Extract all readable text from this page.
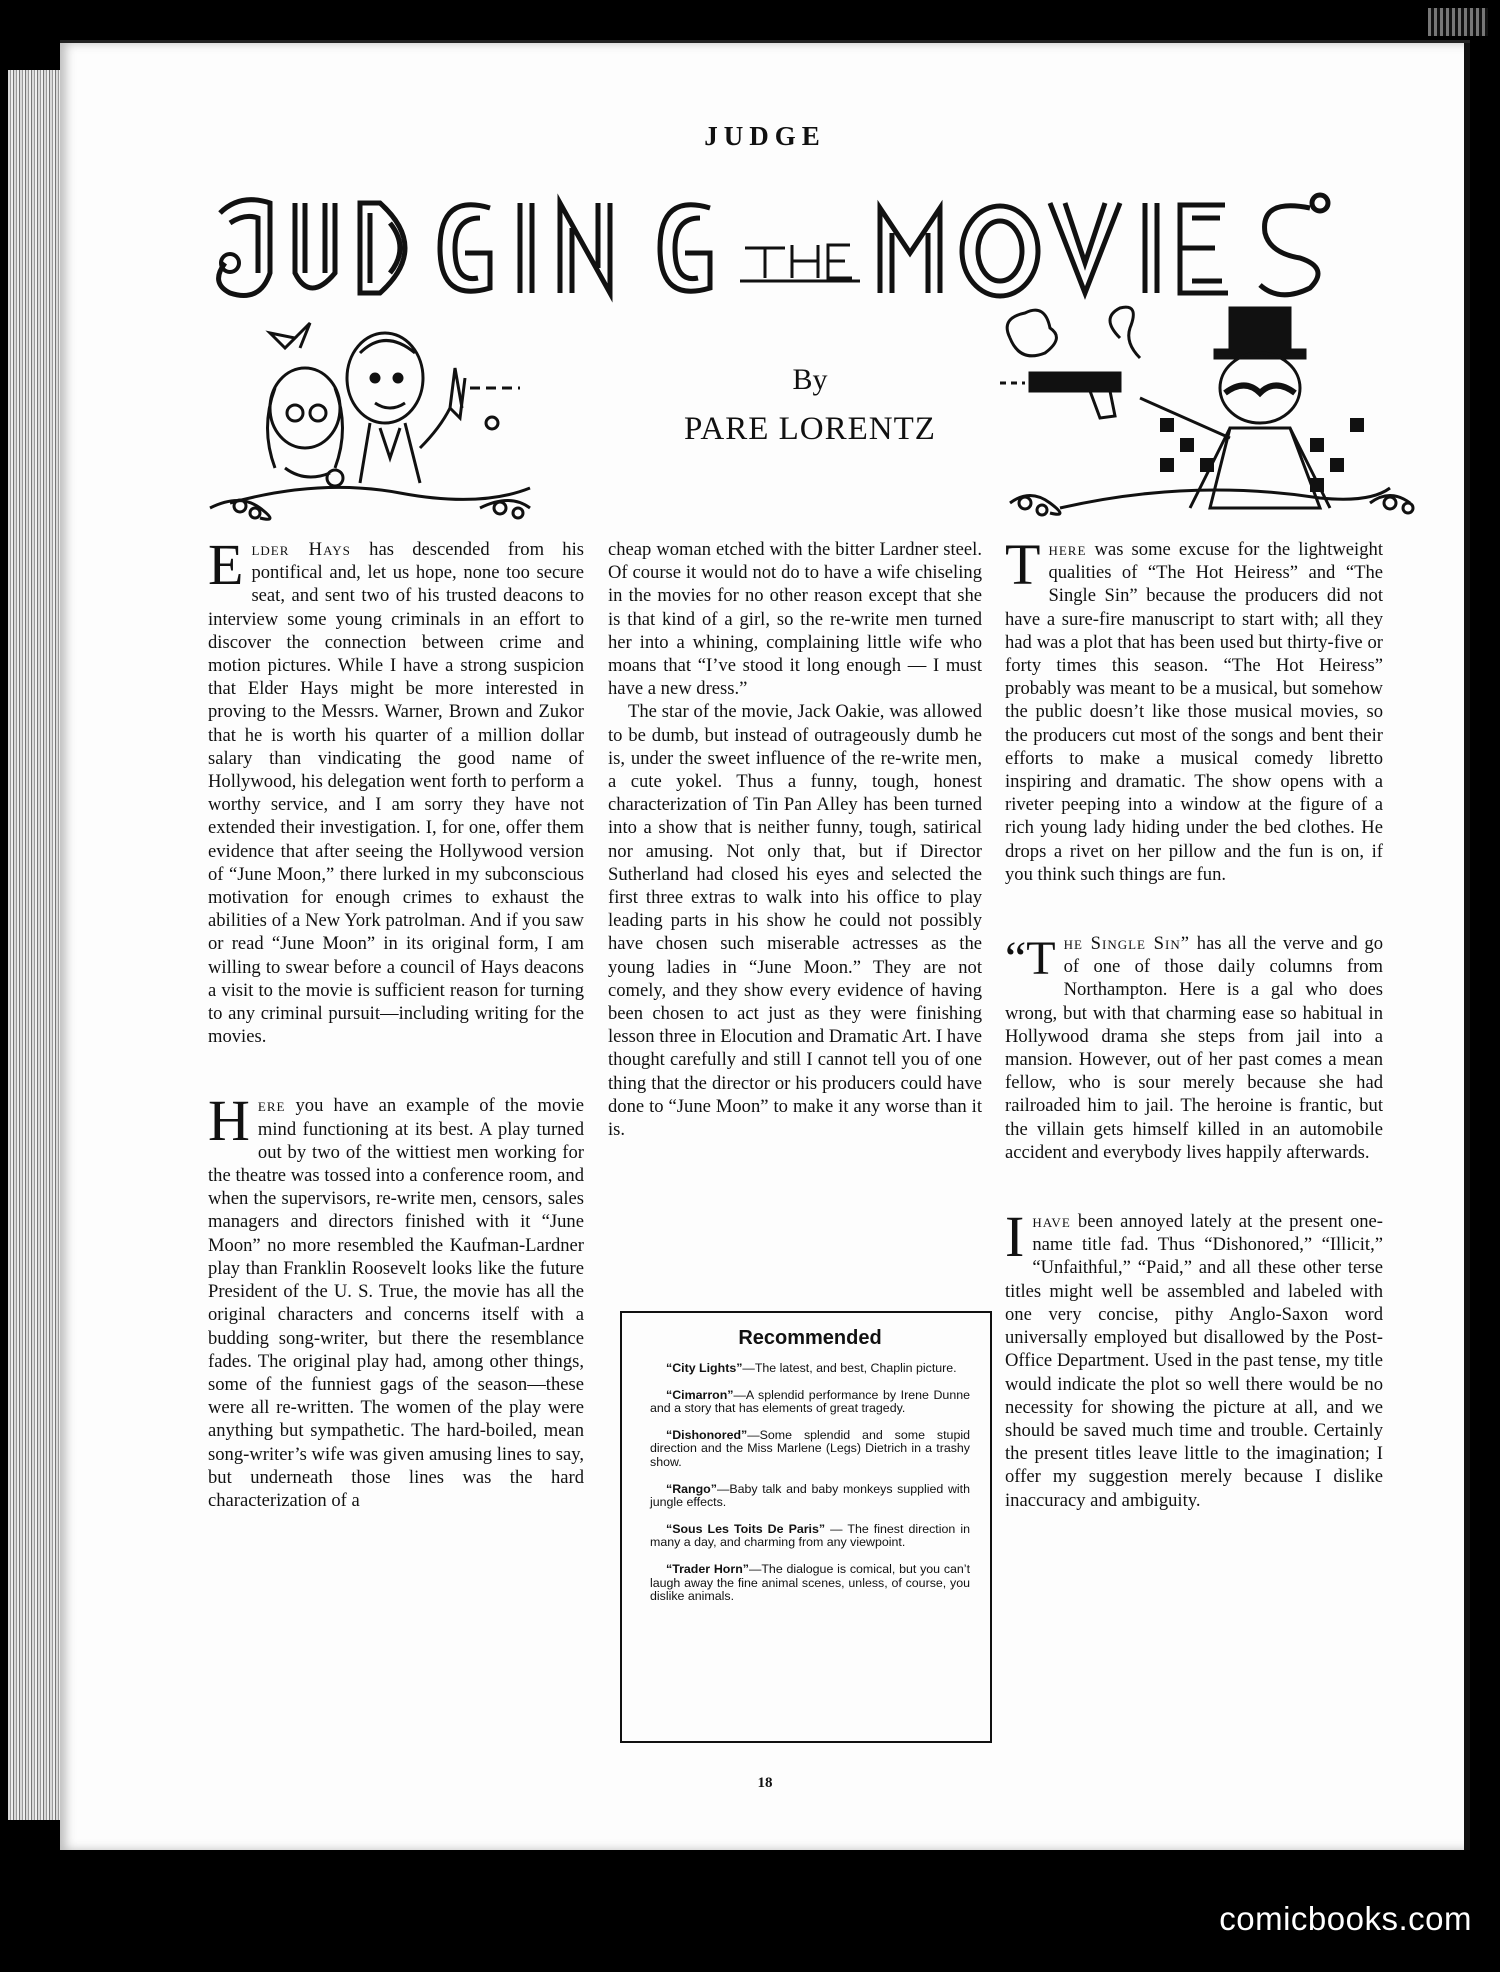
JUDGE
By
PARE LORENTZ

Elder Hays has descended from his pontifical and, let us hope, none too secure seat, and sent two of his trusted deacons to interview some young criminals in an effort to discover the connection between crime and motion pictures. While I have a strong suspicion that Elder Hays might be more interested in proving to the Messrs. Warner, Brown and Zukor that he is worth his quarter of a million dollar salary than vindicating the good name of Hollywood, his delegation went forth to perform a worthy service, and I am sorry they have not extended their investigation. I, for one, offer them evidence that after seeing the Hollywood version of “June Moon,” there lurked in my subconscious motivation for enough crimes to exhaust the abilities of a New York patrolman. And if you saw or read “June Moon” in its original form, I am willing to swear before a council of Hays deacons a visit to the movie is sufficient reason for turning to any criminal pursuit—including writing for the movies.

Here you have an example of the movie mind functioning at its best. A play turned out by two of the wittiest men working for the theatre was tossed into a conference room, and when the supervisors, re-write men, censors, sales managers and directors finished with it “June Moon” no more resembled the Kaufman-Lardner play than Franklin Roosevelt looks like the future President of the U. S. True, the movie has all the original characters and concerns itself with a budding song-writer, but there the resemblance fades. The original play had, among other things, some of the funniest gags of the season—these were all re-written. The women of the play were anything but sympathetic. The hard-boiled, mean song-writer’s wife was given amusing lines to say, but underneath those lines was the hard characterization of a

cheap woman etched with the bitter Lardner steel. Of course it would not do to have a wife chiseling in the movies for no other reason except that she is that kind of a girl, so the re-write men turned her into a whining, complaining little wife who moans that “I’ve stood it long enough — I must have a new dress.”

The star of the movie, Jack Oakie, was allowed to be dumb, but instead of outrageously dumb he is, under the sweet influence of the re-write men, a cute yokel. Thus a funny, tough, honest characterization of Tin Pan Alley has been turned into a show that is neither funny, tough, satirical nor amusing. Not only that, but if Director Sutherland had closed his eyes and selected the first three extras to walk into his office to play leading parts in his show he could not possibly have chosen such miserable actresses as the young ladies in “June Moon.” They are not comely, and they show every evidence of having been chosen to act just as they were finishing lesson three in Elocution and Dramatic Art. I have thought carefully and still I cannot tell you of one thing that the director or his producers could have done to “June Moon” to make it any worse than it is.

Recommended
“City Lights”—The latest, and best, Chaplin picture.
“Cimarron”—A splendid performance by Irene Dunne and a story that has elements of great tragedy.
“Dishonored”—Some splendid and some stupid direction and the Miss Marlene (Legs) Dietrich in a trashy show.
“Rango”—Baby talk and baby monkeys supplied with jungle effects.
“Sous Les Toits De Paris” — The finest direction in many a day, and charming from any viewpoint.
“Trader Horn”—The dialogue is comical, but you can’t laugh away the fine animal scenes, unless, of course, you dislike animals.

There was some excuse for the lightweight qualities of “The Hot Heiress” and “The Single Sin” because the producers did not have a sure-fire manuscript to start with; all they had was a plot that has been used but thirty-five or forty times this season. “The Hot Heiress” probably was meant to be a musical, but somehow the public doesn’t like those musical movies, so the producers cut most of the songs and bent their efforts to make a musical comedy libretto inspiring and dramatic. The show opens with a riveter peeping into a window at the figure of a rich young lady hiding under the bed clothes. He drops a rivet on her pillow and the fun is on, if you think such things are fun.

“The Single Sin” has all the verve and go of one of those daily columns from Northampton. Here is a gal who does wrong, but with that charming ease so habitual in Hollywood drama she steps from jail into a mansion. However, out of her past comes a mean fellow, who is sour merely because she had railroaded him to jail. The heroine is frantic, but the villain gets himself killed in an automobile accident and everybody lives happily afterwards.

Ihave been annoyed lately at the present one-name title fad. Thus “Dishonored,” “Illicit,” “Unfaithful,” “Paid,” and all these other terse titles might well be assembled and labeled with one very concise, pithy Anglo-Saxon word universally employed but disallowed by the Post-Office Department. Used in the past tense, my title would indicate the plot so well there would be no necessity for showing the picture at all, and we should be saved much time and trouble. Certainly the present titles leave little to the imagination; I offer my suggestion merely because I dislike inaccuracy and ambiguity.

18
comicbooks.com
